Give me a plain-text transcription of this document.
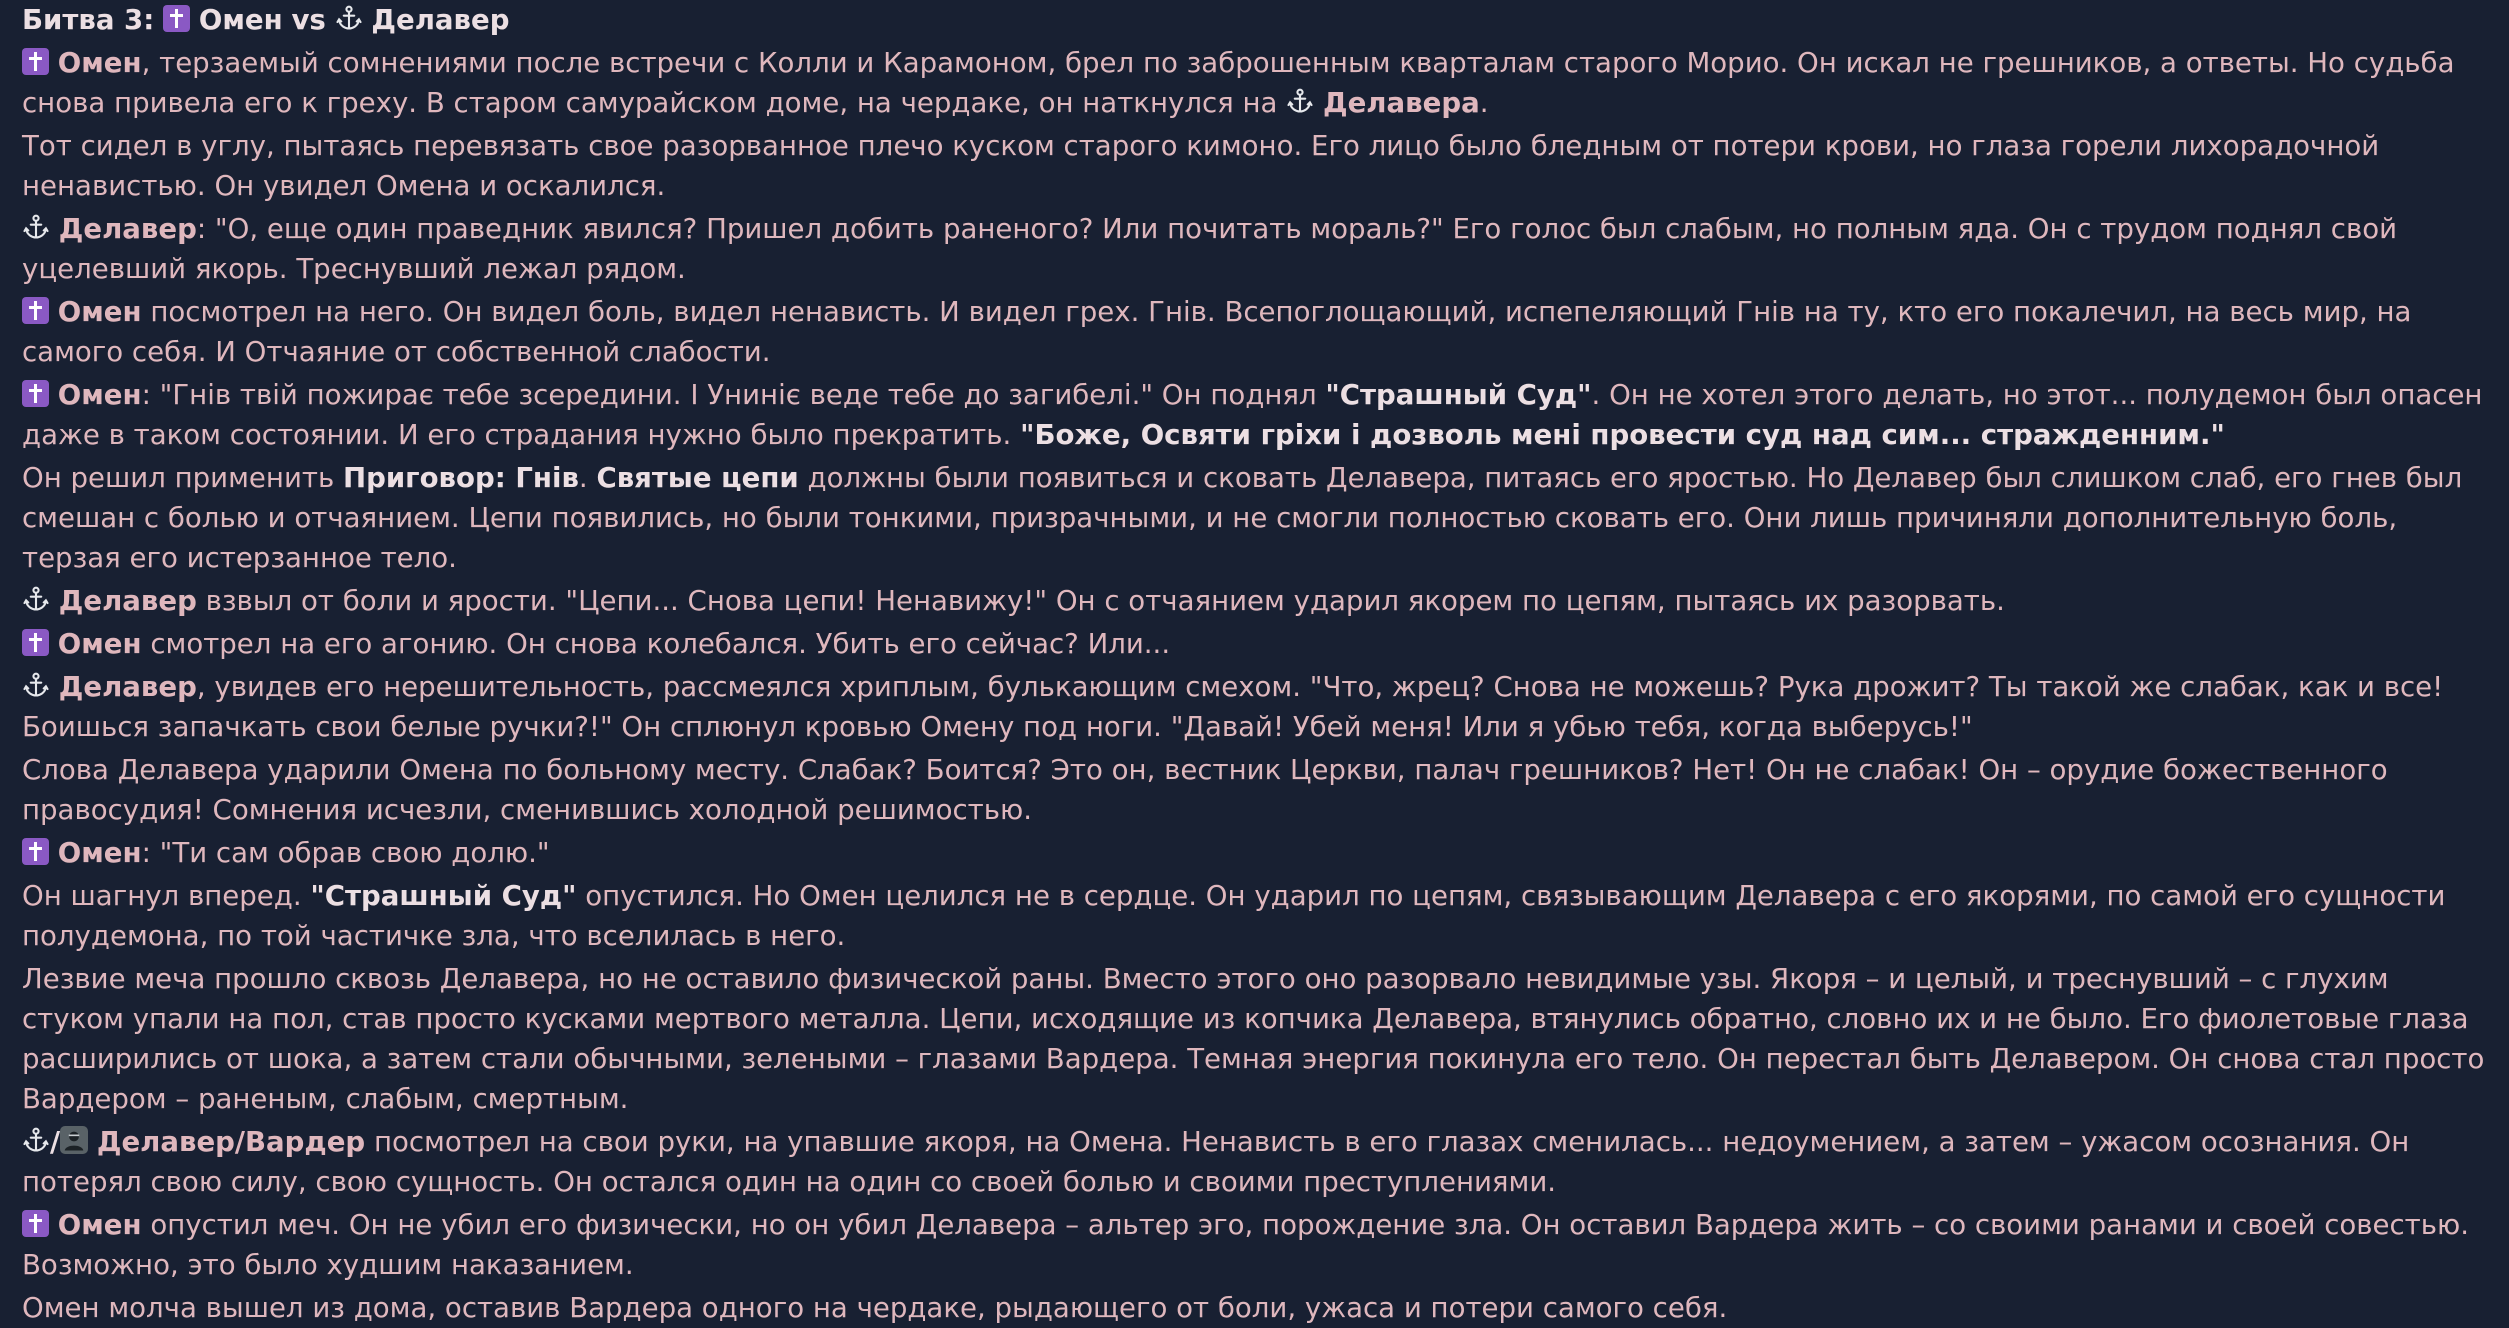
Битва 3: Омен vs Делавер
Омен, терзаемый сомнениями после встречи с Колли и Карамоном, брел по заброшенным кварталам старого Морио. Он искал не грешников, а ответы. Но судьба снова привела его к греху. В старом самурайском доме, на чердаке, он наткнулся на  Делавера.
Тот сидел в углу, пытаясь перевязать свое разорванное плечо куском старого кимоно. Его лицо было бледным от потери крови, но глаза горели лихорадочной ненавистью. Он увидел Омена и оскалился.
Делавер: "О, еще один праведник явился? Пришел добить раненого? Или почитать мораль?" Его голос был слабым, но полным яда. Он с трудом поднял свой уцелевший якорь. Треснувший лежал рядом.
Омен посмотрел на него. Он видел боль, видел ненависть. И видел грех. Гнів. Всепоглощающий, испепеляющий Гнів на ту, кто его покалечил, на весь мир, на самого себя. И Отчаяние от собственной слабости.
Омен: "Гнів твій пожирає тебе зсередини. І Униніє веде тебе до загибелі." Он поднял "Страшный Суд". Он не хотел этого делать, но этот... полудемон был опасен даже в таком состоянии. И его страдания нужно было прекратить. "Боже, Освяти гріхи і дозволь мені провести суд над сим... стражденним."
Он решил применить Приговор: Гнів. Святые цепи должны были появиться и сковать Делавера, питаясь его яростью. Но Делавер был слишком слаб, его гнев был смешан с болью и отчаянием. Цепи появились, но были тонкими, призрачными, и не смогли полностью сковать его. Они лишь причиняли дополнительную боль, терзая его истерзанное тело.
Делавер взвыл от боли и ярости. "Цепи... Снова цепи! Ненавижу!" Он с отчаянием ударил якорем по цепям, пытаясь их разорвать.
Омен смотрел на его агонию. Он снова колебался. Убить его сейчас? Или...
Делавер, увидев его нерешительность, рассмеялся хриплым, булькающим смехом. "Что, жрец? Снова не можешь? Рука дрожит? Ты такой же слабак, как и все! Боишься запачкать свои белые ручки?!" Он сплюнул кровью Омену под ноги. "Давай! Убей меня! Или я убью тебя, когда выберусь!"
Слова Делавера ударили Омена по больному месту. Слабак? Боится? Это он, вестник Церкви, палач грешников? Нет! Он не слабак! Он – орудие божественного правосудия! Сомнения исчезли, сменившись холодной решимостью.
Омен: "Ти сам обрав свою долю."
Он шагнул вперед. "Страшный Суд" опустился. Но Омен целился не в сердце. Он ударил по цепям, связывающим Делавера с его якорями, по самой его сущности полудемона, по той частичке зла, что вселилась в него.
Лезвие меча прошло сквозь Делавера, но не оставило физической раны. Вместо этого оно разорвало невидимые узы. Якоря – и целый, и треснувший – с глухим стуком упали на пол, став просто кусками мертвого металла. Цепи, исходящие из копчика Делавера, втянулись обратно, словно их и не было. Его фиолетовые глаза расширились от шока, а затем стали обычными, зелеными – глазами Вардера. Темная энергия покинула его тело. Он перестал быть Делавером. Он снова стал просто Вардером – раненым, слабым, смертным.
/ Делавер/Вардер посмотрел на свои руки, на упавшие якоря, на Омена. Ненависть в его глазах сменилась... недоумением, а затем – ужасом осознания. Он потерял свою силу, свою сущность. Он остался один на один со своей болью и своими преступлениями.
Омен опустил меч. Он не убил его физически, но он убил Делавера – альтер эго, порождение зла. Он оставил Вардера жить – со своими ранами и своей совестью. Возможно, это было худшим наказанием.
Омен молча вышел из дома, оставив Вардера одного на чердаке, рыдающего от боли, ужаса и потери самого себя.
